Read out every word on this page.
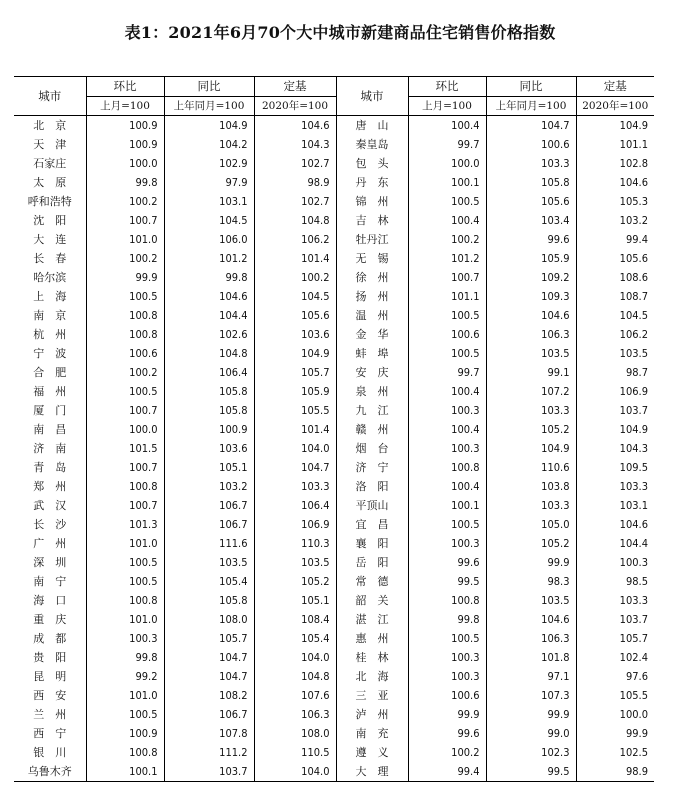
表1：2021年6月70个大中城市新建商品住宅销售价格指数
城市	环比	同比	定基	城市	环比	同比	定基
	上月=100	上年同月=100	2020年=100		上月=100	上年同月=100	2020年=100
北　京	100.9	104.9	104.6	唐　山	100.4	104.7	104.9
天　津	100.9	104.2	104.3	秦皇岛	99.7	100.6	101.1
石家庄	100.0	102.9	102.7	包　头	100.0	103.3	102.8
太　原	99.8	97.9	98.9	丹　东	100.1	105.8	104.6
呼和浩特	100.2	103.1	102.7	锦　州	100.5	105.6	105.3
沈　阳	100.7	104.5	104.8	吉　林	100.4	103.4	103.2
大　连	101.0	106.0	106.2	牡丹江	100.2	99.6	99.4
长　春	100.2	101.2	101.4	无　锡	101.2	105.9	105.6
哈尔滨	99.9	99.8	100.2	徐　州	100.7	109.2	108.6
上　海	100.5	104.6	104.5	扬　州	101.1	109.3	108.7
南　京	100.8	104.4	105.6	温　州	100.5	104.6	104.5
杭　州	100.8	102.6	103.6	金　华	100.6	106.3	106.2
宁　波	100.6	104.8	104.9	蚌　埠	100.5	103.5	103.5
合　肥	100.2	106.4	105.7	安　庆	99.7	99.1	98.7
福　州	100.5	105.8	105.9	泉　州	100.4	107.2	106.9
厦　门	100.7	105.8	105.5	九　江	100.3	103.3	103.7
南　昌	100.0	100.9	101.4	赣　州	100.4	105.2	104.9
济　南	101.5	103.6	104.0	烟　台	100.3	104.9	104.3
青　岛	100.7	105.1	104.7	济　宁	100.8	110.6	109.5
郑　州	100.8	103.2	103.3	洛　阳	100.4	103.8	103.3
武　汉	100.7	106.7	106.4	平顶山	100.1	103.3	103.1
长　沙	101.3	106.7	106.9	宜　昌	100.5	105.0	104.6
广　州	101.0	111.6	110.3	襄　阳	100.3	105.2	104.4
深　圳	100.5	103.5	103.5	岳　阳	99.6	99.9	100.3
南　宁	100.5	105.4	105.2	常　德	99.5	98.3	98.5
海　口	100.8	105.8	105.1	韶　关	100.8	103.5	103.3
重　庆	101.0	108.0	108.4	湛　江	99.8	104.6	103.7
成　都	100.3	105.7	105.4	惠　州	100.5	106.3	105.7
贵　阳	99.8	104.7	104.0	桂　林	100.3	101.8	102.4
昆　明	99.2	104.7	104.8	北　海	100.3	97.1	97.6
西　安	101.0	108.2	107.6	三　亚	100.6	107.3	105.5
兰　州	100.5	106.7	106.3	泸　州	99.9	99.9	100.0
西　宁	100.9	107.8	108.0	南　充	99.6	99.0	99.9
银　川	100.8	111.2	110.5	遵　义	100.2	102.3	102.5
乌鲁木齐	100.1	103.7	104.0	大　理	99.4	99.5	98.9
